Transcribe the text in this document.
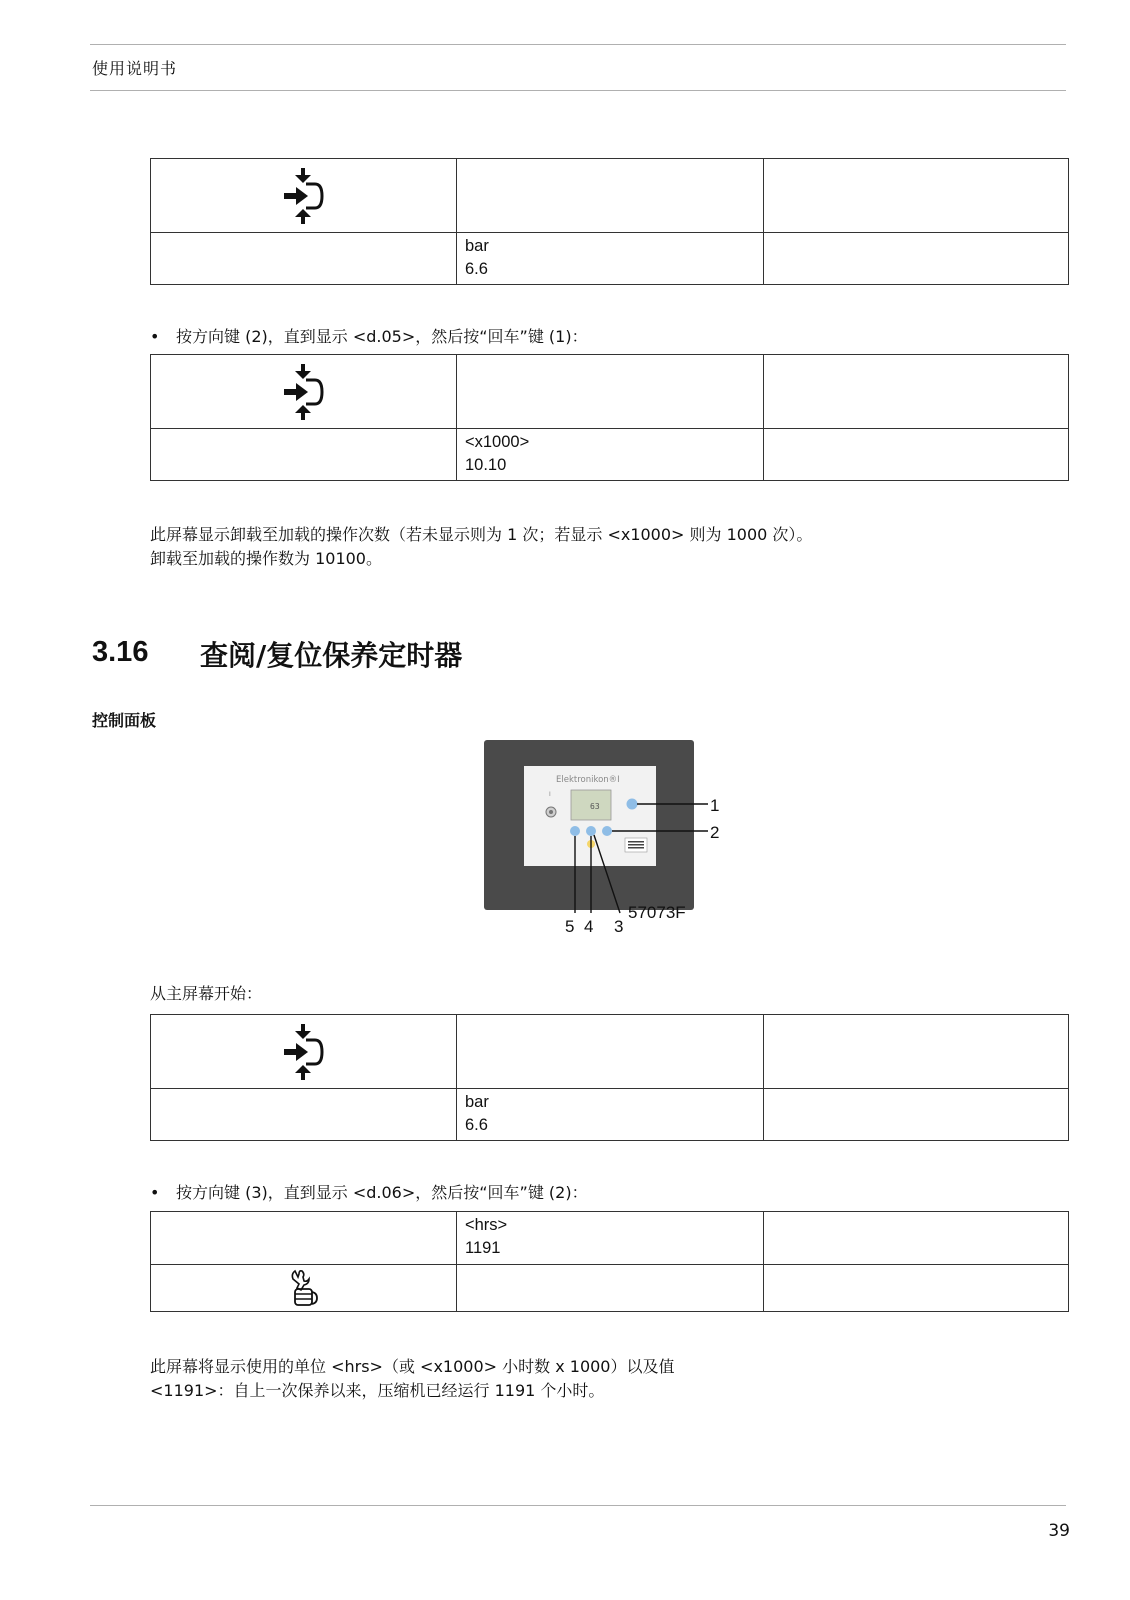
使用说明书

	bar
6.6	

• 按方向键 (2)，直到显示 <d.05>，然后按“回车”键 (1)：

	<x1000>
10.10	

此屏幕显示卸载至加载的操作次数（若未显示则为 1 次；若显示 <x1000> 则为 1000 次）。
卸载至加载的操作数为 10100。
3.16 查阅/复位保养定时器
控制面板
Elektronikon®I
I
63	1
2
5 4 3
57073F
从主屏幕开始：

	bar
6.6	

• 按方向键 (3)，直到显示 <d.06>，然后按“回车”键 (2)：

	<hrs>
1191	

此屏幕将显示使用的单位 <hrs>（或 <x1000> 小时数 x 1000）以及值
<1191>：自上一次保养以来，压缩机已经运行 1191 个小时。
39
